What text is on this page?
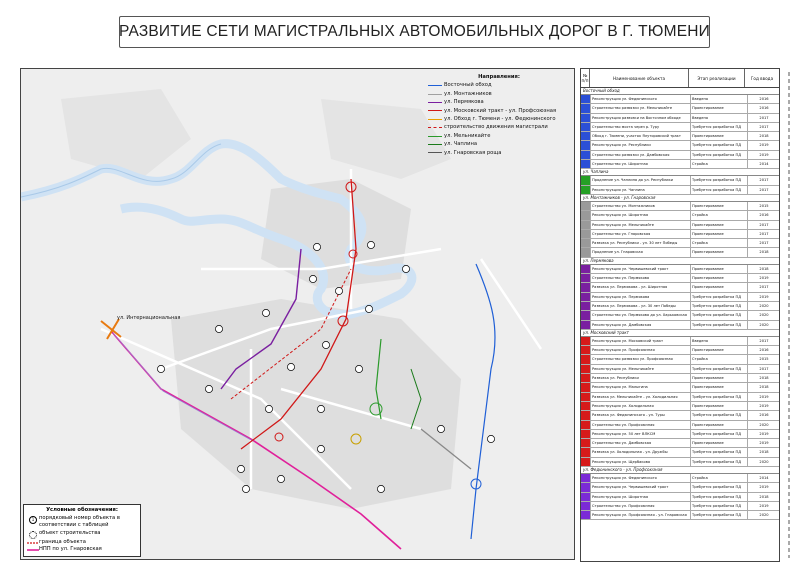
РАЗВИТИЕ СЕТИ МАГИСТРАЛЬНЫХ АВТОМОБИЛЬНЫХ ДОРОГ В Г. ТЮМЕНИ
ул. Интернациональная
Направления:
Восточный обход
ул. Монтажников
ул. Пермякова
ул. Московский тракт - ул. Профсоюзная
ул. Обход г. Тюмени - ул. Федюнинского
строительство движения магистрали
ул. Мельникайте
ул. Чаплина
ул. Гнаровская роща
Условные обозначения:
1 порядковый номер объекта в соответствии с таблицей
объект строительства
граница объекта
НПП по ул. Гнаровская
№ п/п	Наименование объекта	Этап реализации	Год ввода
Восточный обход
Реконструкция ул. Федюнинского	Введено	2016
Строительство развязки ул. Мельникайте	Проектирование	2016
Реконструкция развязки на Восточном обходе	Введено	2017
Строительство моста через р. Туру	Требуется разработка ПД	2017
Обход г. Тюмени, участок Ялуторовский тракт	Проектирование	2018
Реконструкция ул. Республики	Требуется разработка ПД	2019
Строительство развязки ул. Дамбовская	Требуется разработка ПД	2019
Строительство ул. Широтная	Стройка	2014
ул. Чаплина
Продление ул. Чаплина до ул. Республики	Требуется разработка ПД	2017
Реконструкция ул. Чаплина	Требуется разработка ПД	2017
ул. Монтажников - ул. Гнаровская
Строительство ул. Монтажников	Проектирование	2015
Реконструкция ул. Широтная	Стройка	2016
Реконструкция ул. Мельникайте	Проектирование	2017
Строительство ул. Гнаровская	Проектирование	2017
Развязка ул. Республики - ул. 30 лет Победы	Стройка	2017
Продление ул. Гнаровская	Проектирование	2018
ул. Пермякова
Реконструкция ул. Червишевский тракт	Проектирование	2018
Строительство ул. Пермякова	Проектирование	2019
Развязка ул. Пермякова - ул. Широтная	Проектирование	2017
Реконструкция ул. Пермякова	Требуется разработка ПД	2019
Развязка ул. Пермякова - ул. 30 лет Победы	Требуется разработка ПД	2020
Строительство ул. Пермякова до ул. Харьковская	Требуется разработка ПД	2020
Реконструкция ул. Дамбовская	Требуется разработка ПД	2020
ул. Московский тракт
Реконструкция ул. Московский тракт	Введено	2017
Реконструкция ул. Профсоюзная	Проектирование	2016
Строительство развязки ул. Профсоюзная	Стройка	2015
Реконструкция ул. Мельникайте	Требуется разработка ПД	2017
Развязка ул. Республики	Проектирование	2018
Реконструкция ул. Малыгина	Проектирование	2018
Развязка ул. Мельникайте - ул. Холодильная	Требуется разработка ПД	2019
Реконструкция ул. Холодильная	Проектирование	2019
Развязка ул. Федюнинского - ул. Туры	Требуется разработка ПД	2016
Строительство ул. Профсоюзная	Проектирование	2020
Реконструкция ул. 50 лет ВЛКСМ	Требуется разработка ПД	2019
Строительство ул. Дамбовская	Проектирование	2019
Развязка ул. Холодильная - ул. Дружбы	Требуется разработка ПД	2018
Реконструкция ул. Щербакова	Требуется разработка ПД	2020
ул. Федюнинского - ул. Профсоюзная
Реконструкция ул. Федюнинского	Стройка	2014
Реконструкция ул. Червишевский тракт	Требуется разработка ПД	2019
Реконструкция ул. Широтная	Требуется разработка ПД	2018
Строительство ул. Профсоюзная	Требуется разработка ПД	2019
Реконструкция ул. Профсоюзная - ул. Гнаровская	Требуется разработка ПД	2020
